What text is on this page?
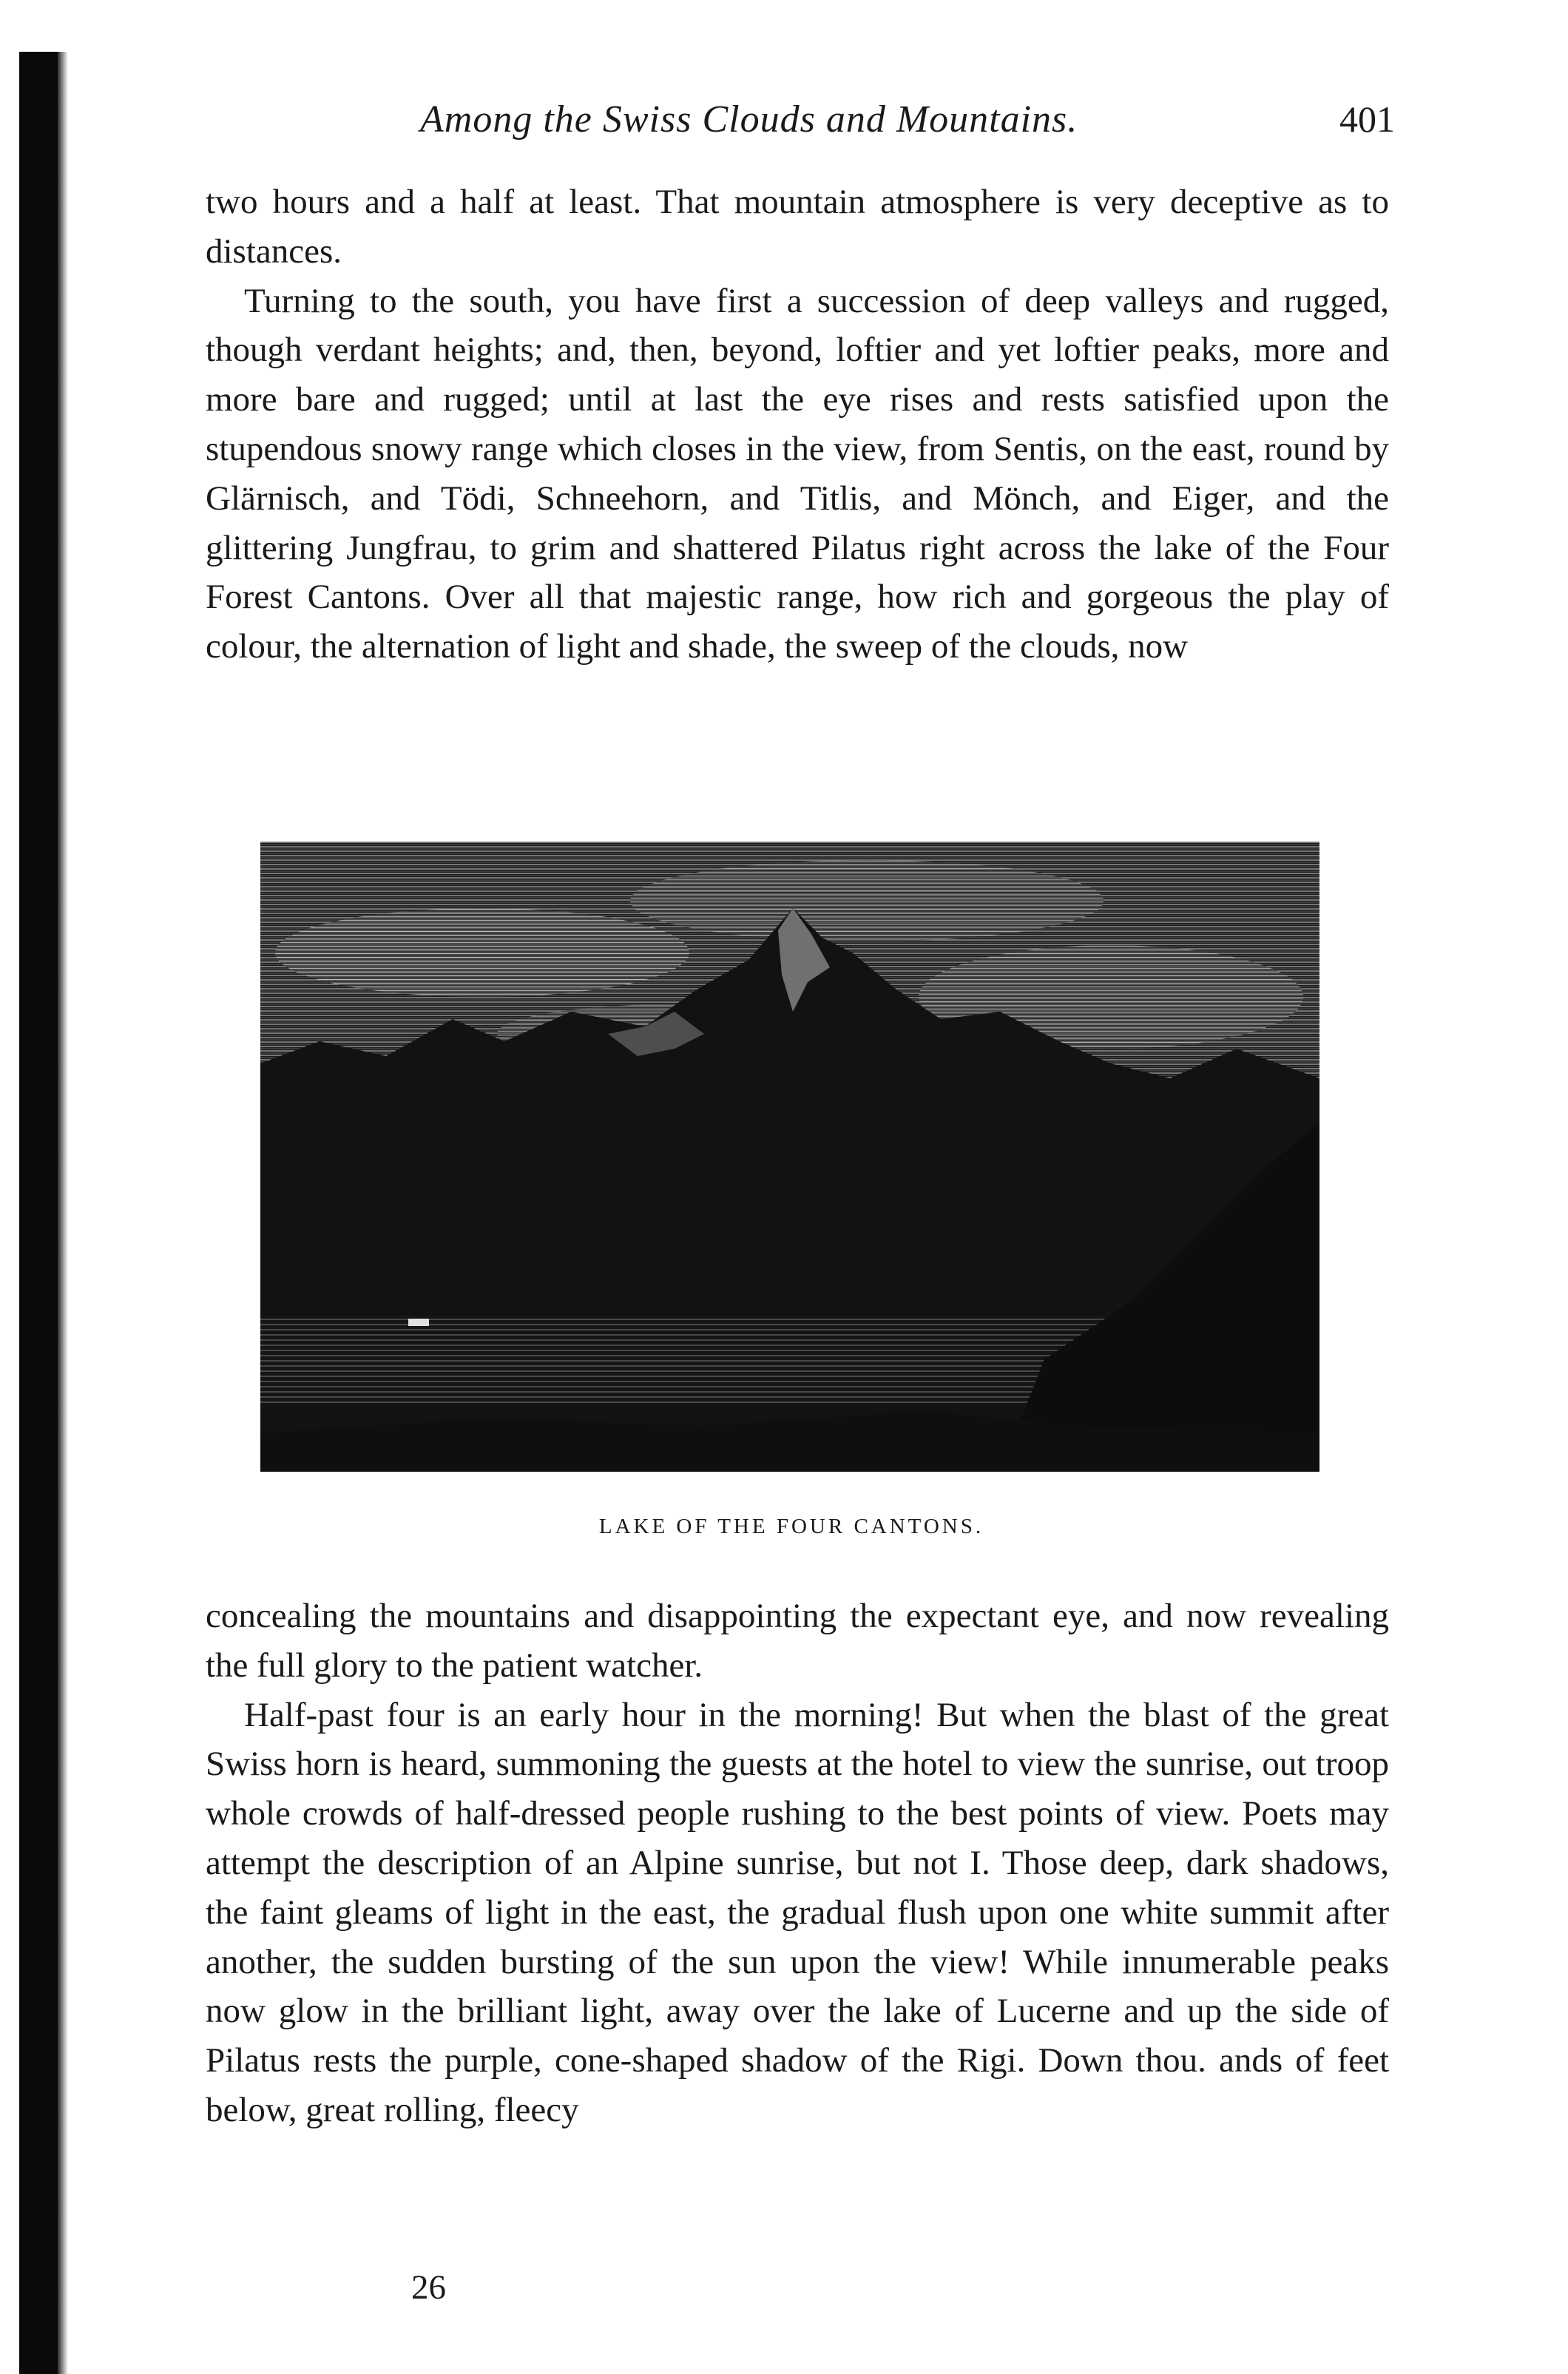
Among the Swiss Clouds and Mountains.	401

two hours and a half at least. That mountain atmosphere is very deceptive as to distances.

Turning to the south, you have first a succession of deep valleys and rugged, though verdant heights; and, then, beyond, loftier and yet loftier peaks, more and more bare and rugged; until at last the eye rises and rests satisfied upon the stupendous snowy range which closes in the view, from Sentis, on the east, round by Glärnisch, and Tödi, Schneehorn, and Titlis, and Mönch, and Eiger, and the glittering Jungfrau, to grim and shattered Pilatus right across the lake of the Four Forest Cantons. Over all that majestic range, how rich and gorgeous the play of colour, the alternation of light and shade, the sweep of the clouds, now

LAKE OF THE FOUR CANTONS.

concealing the mountains and disappointing the expectant eye, and now revealing the full glory to the patient watcher.

Half-past four is an early hour in the morning! But when the blast of the great Swiss horn is heard, summoning the guests at the hotel to view the sunrise, out troop whole crowds of half-dressed people rushing to the best points of view. Poets may attempt the description of an Alpine sunrise, but not I. Those deep, dark shadows, the faint gleams of light in the east, the gradual flush upon one white summit after another, the sudden bursting of the sun upon the view! While innumerable peaks now glow in the brilliant light, away over the lake of Lucerne and up the side of Pilatus rests the purple, cone-shaped shadow of the Rigi. Down thou. ands of feet below, great rolling, fleecy

26
